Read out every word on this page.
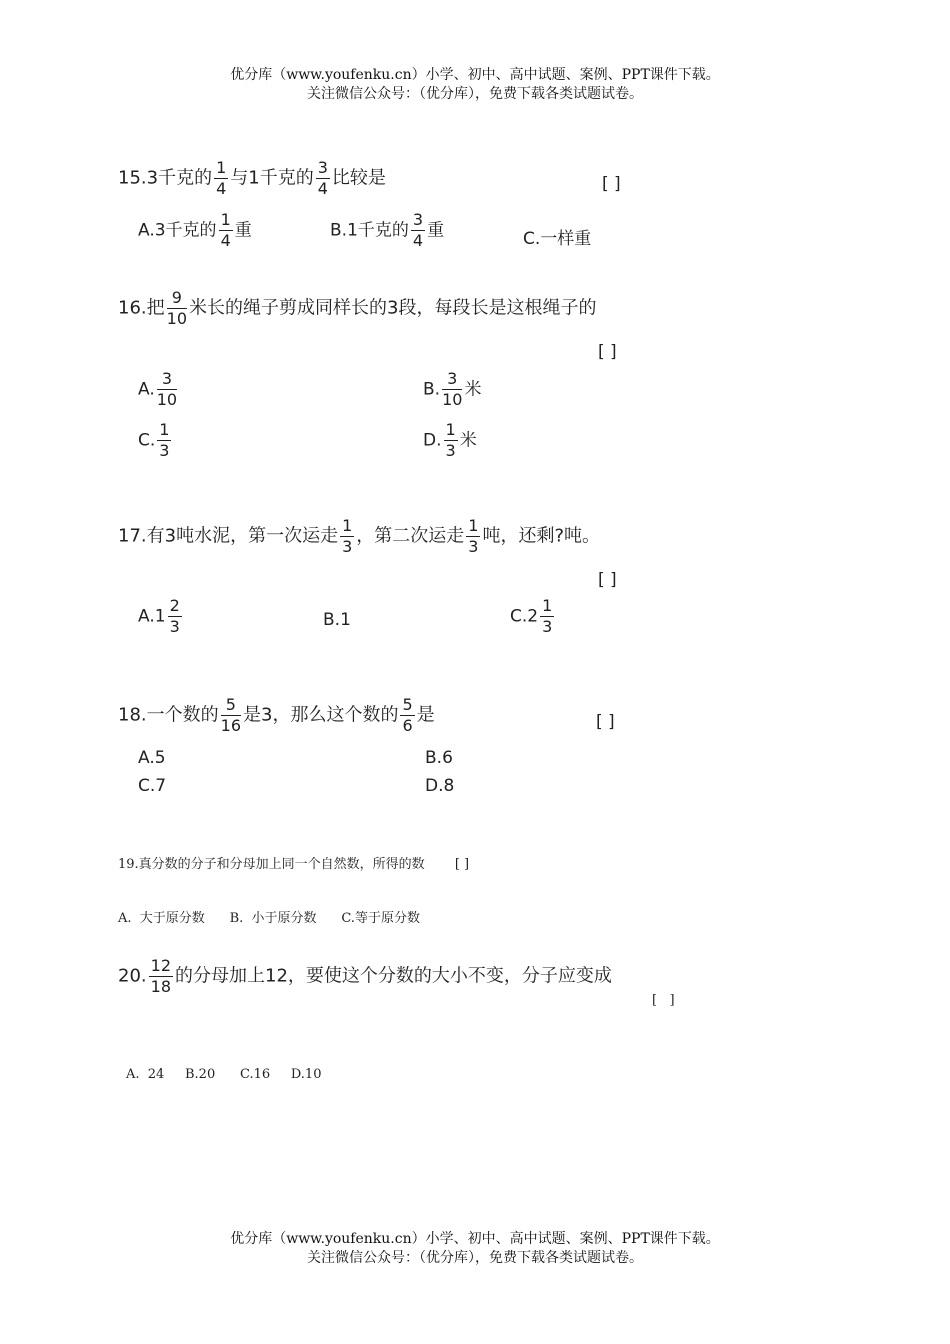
优分库（www.youfenku.cn）小学、初中、高中试题、案例、PPT课件下载。
关注微信公众号：（优分库），免费下载各类试题试卷。
15.3千克的 $\frac{1}{4}$ 与1千克的 $\frac{3}{4}$ 比较是	[ ]
A.3千克的 $\frac{1}{4}$ 重	B.1千克的 $\frac{3}{4}$ 重	C.一样重
16.把 $\frac{9}{10}$ 米长的绳子剪成同样长的3段，每段长是这根绳子的
[ ]
A. $\frac{3}{10}$	B. $\frac{3}{10}$ 米
C. $\frac{1}{3}$	D. $\frac{1}{3}$ 米
17.有3吨水泥，第一次运走 $\frac{1}{3}$ ，第二次运走 $\frac{1}{3}$ 吨，还剩?吨。
[ ]
$A.1 \frac{2}{3}$	B.1	$C.2 \frac{1}{3}$
18.一个数的 $\frac{5}{16}$ 是3，那么这个数的 $\frac{5}{6}$ 是	[ ]
A.5	B.6
C.7	D.8
19.真分数的分子和分母加上同一个自然数，所得的数 [ ]
A.  大于原分数      B.  小于原分数      C.等于原分数
20. $\frac{12}{18}$ 的分母加上12，要使这个分数的大小不变，分子应变成
[   ]
A.  24     B.20      C.16     D.10
优分库（www.youfenku.cn）小学、初中、高中试题、案例、PPT课件下载。
关注微信公众号：（优分库），免费下载各类试题试卷。
